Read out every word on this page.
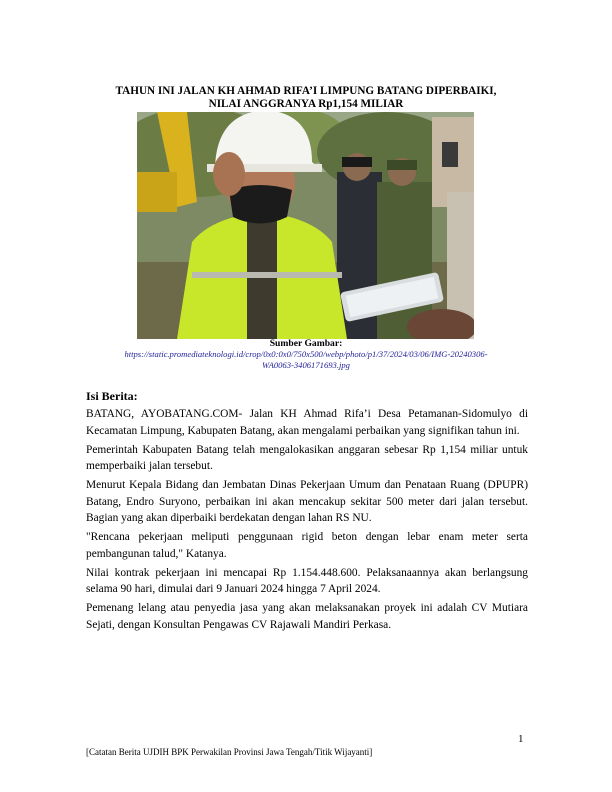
TAHUN INI JALAN KH AHMAD RIFA’I LIMPUNG BATANG DIPERBAIKI,
NILAI ANGGRANYA Rp1,154 MILIAR
Sumber Gambar:
https://static.promediateknologi.id/crop/0x0:0x0/750x500/webp/photo/p1/37/2024/03/06/IMG-20240306-
WA0063-3406171693.jpg
Isi Berita:

BATANG, AYOBATANG.COM- Jalan KH Ahmad Rifa’i Desa Petamanan-Sidomulyo di Kecamatan Limpung, Kabupaten Batang, akan mengalami perbaikan yang signifikan tahun ini.

Pemerintah Kabupaten Batang telah mengalokasikan anggaran sebesar Rp 1,154 miliar untuk memperbaiki jalan tersebut.

Menurut Kepala Bidang dan Jembatan Dinas Pekerjaan Umum dan Penataan Ruang (DPUPR) Batang, Endro Suryono, perbaikan ini akan mencakup sekitar 500 meter dari jalan tersebut. Bagian yang akan diperbaiki berdekatan dengan lahan RS NU.

"Rencana pekerjaan meliputi penggunaan rigid beton dengan lebar enam meter serta pembangunan talud," Katanya.

Nilai kontrak pekerjaan ini mencapai Rp 1.154.448.600. Pelaksanaannya akan berlangsung selama 90 hari, dimulai dari 9 Januari 2024 hingga 7 April 2024.

Pemenang lelang atau penyedia jasa yang akan melaksanakan proyek ini adalah CV Mutiara Sejati, dengan Konsultan Pengawas CV Rajawali Mandiri Perkasa.

1
[Catatan Berita UJDIH BPK Perwakilan Provinsi Jawa Tengah/Titik Wijayanti]
